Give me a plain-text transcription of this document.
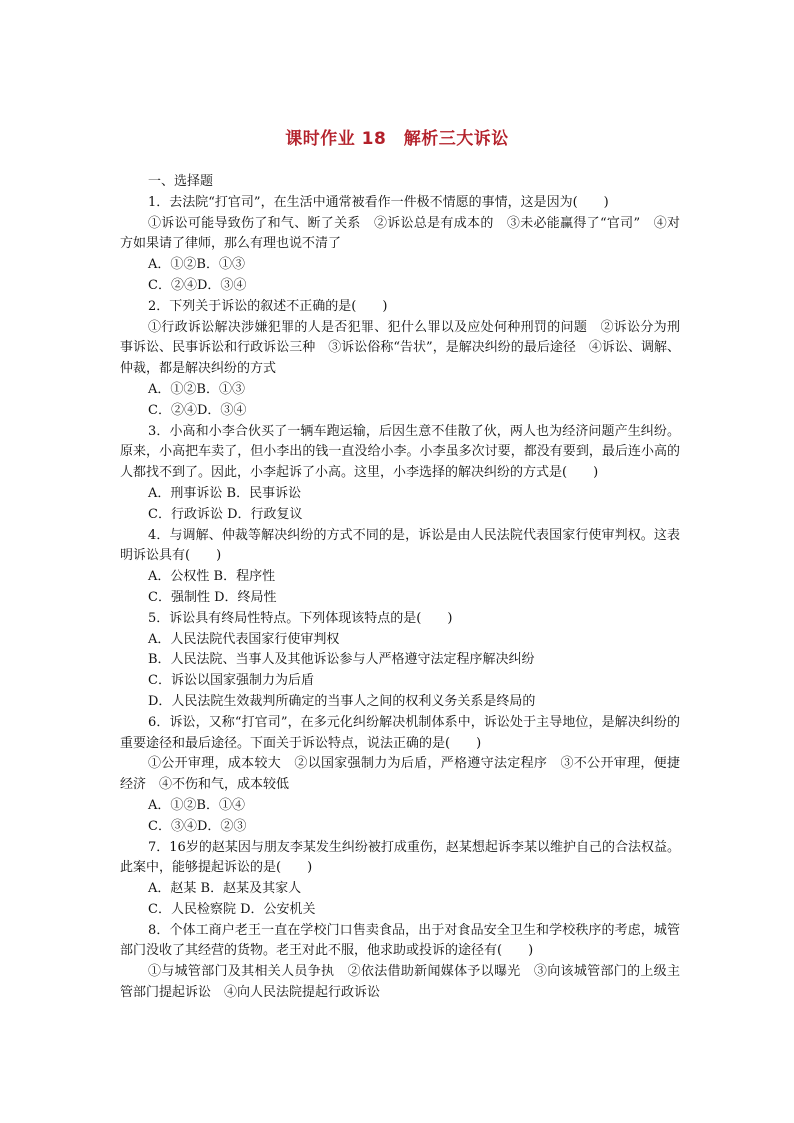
课时作业 18　解析三大诉讼

一、选择题

1．去法院“打官司”，在生活中通常被看作一件极不情愿的事情，这是因为(　　)

①诉讼可能导致伤了和气、断了关系　②诉讼总是有成本的　③未必能赢得了“官司”　④对方如果请了律师，那么有理也说不清了

A．①②B．①③

C．②④D．③④

2．下列关于诉讼的叙述不正确的是(　　)

①行政诉讼解决涉嫌犯罪的人是否犯罪、犯什么罪以及应处何种刑罚的问题　②诉讼分为刑事诉讼、民事诉讼和行政诉讼三种　③诉讼俗称“告状”，是解决纠纷的最后途径　④诉讼、调解、仲裁，都是解决纠纷的方式

A．①②B．①③

C．②④D．③④

3．小高和小李合伙买了一辆车跑运输，后因生意不佳散了伙，两人也为经济问题产生纠纷。原来，小高把车卖了，但小李出的钱一直没给小李。小李虽多次讨要，都没有要到，最后连小高的人都找不到了。因此，小李起诉了小高。这里，小李选择的解决纠纷的方式是(　　)

A．刑事诉讼 B．民事诉讼

C．行政诉讼 D．行政复议

4．与调解、仲裁等解决纠纷的方式不同的是，诉讼是由人民法院代表国家行使审判权。这表明诉讼具有(　　)

A．公权性 B．程序性

C．强制性 D．终局性

5．诉讼具有终局性特点。下列体现该特点的是(　　)

A．人民法院代表国家行使审判权

B．人民法院、当事人及其他诉讼参与人严格遵守法定程序解决纠纷

C．诉讼以国家强制力为后盾

D．人民法院生效裁判所确定的当事人之间的权利义务关系是终局的

6．诉讼，又称“打官司”，在多元化纠纷解决机制体系中，诉讼处于主导地位，是解决纠纷的重要途径和最后途径。下面关于诉讼特点，说法正确的是(　　)

①公开审理，成本较大　②以国家强制力为后盾，严格遵守法定程序　③不公开审理，便捷经济　④不伤和气，成本较低

A．①②B．①④

C．③④D．②③

7．16岁的赵某因与朋友李某发生纠纷被打成重伤，赵某想起诉李某以维护自己的合法权益。此案中，能够提起诉讼的是(　　)

A．赵某 B．赵某及其家人

C．人民检察院 D．公安机关

8．个体工商户老王一直在学校门口售卖食品，出于对食品安全卫生和学校秩序的考虑，城管部门没收了其经营的货物。老王对此不服，他求助或投诉的途径有(　　)

①与城管部门及其相关人员争执　②依法借助新闻媒体予以曝光　③向该城管部门的上级主管部门提起诉讼　④向人民法院提起行政诉讼
